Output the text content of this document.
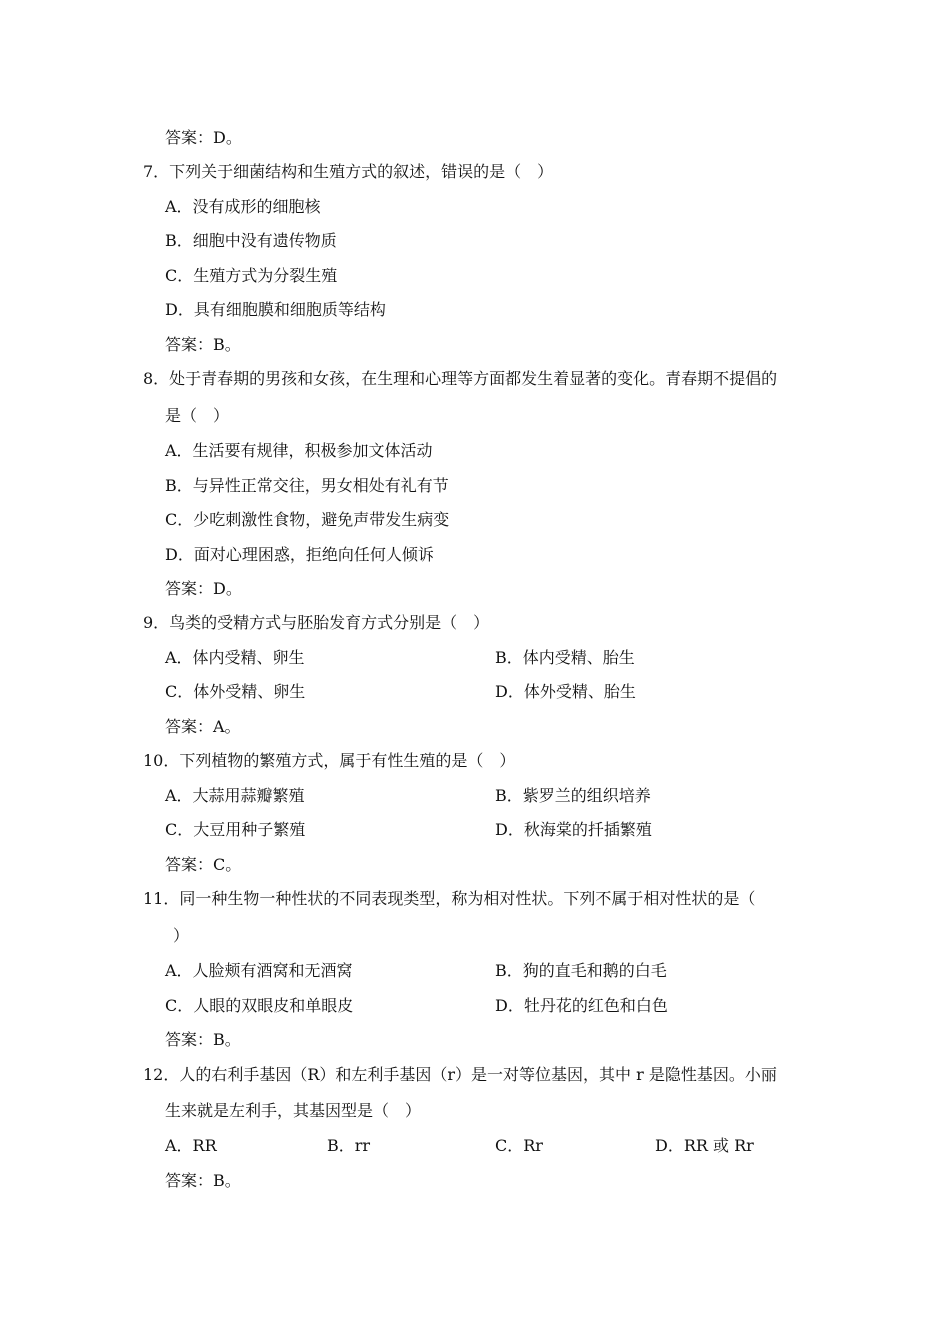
答案：D。
7．下列关于细菌结构和生殖方式的叙述，错误的是（　）
A．没有成形的细胞核
B．细胞中没有遗传物质
C．生殖方式为分裂生殖
D．具有细胞膜和细胞质等结构
答案：B。
8．处于青春期的男孩和女孩，在生理和心理等方面都发生着显著的变化。青春期不提倡的
是（　）
A．生活要有规律，积极参加文体活动
B．与异性正常交往，男女相处有礼有节
C．少吃刺激性食物，避免声带发生病变
D．面对心理困惑，拒绝向任何人倾诉
答案：D。
9．鸟类的受精方式与胚胎发育方式分别是（　）
A．体内受精、卵生	B．体内受精、胎生
C．体外受精、卵生	D．体外受精、胎生
答案：A。
10．下列植物的繁殖方式，属于有性生殖的是（　）
A．大蒜用蒜瓣繁殖	B．紫罗兰的组织培养
C．大豆用种子繁殖	D．秋海棠的扦插繁殖
答案：C。
11．同一种生物一种性状的不同表现类型，称为相对性状。下列不属于相对性状的是（
）
A．人脸颊有酒窝和无酒窝	B．狗的直毛和鹅的白毛
C．人眼的双眼皮和单眼皮	D．牡丹花的红色和白色
答案：B。
12．人的右利手基因（R）和左利手基因（r）是一对等位基因，其中 r 是隐性基因。小丽
生来就是左利手，其基因型是（　）
A．RR	B．rr	C．Rr	D．RR 或 Rr
答案：B。
